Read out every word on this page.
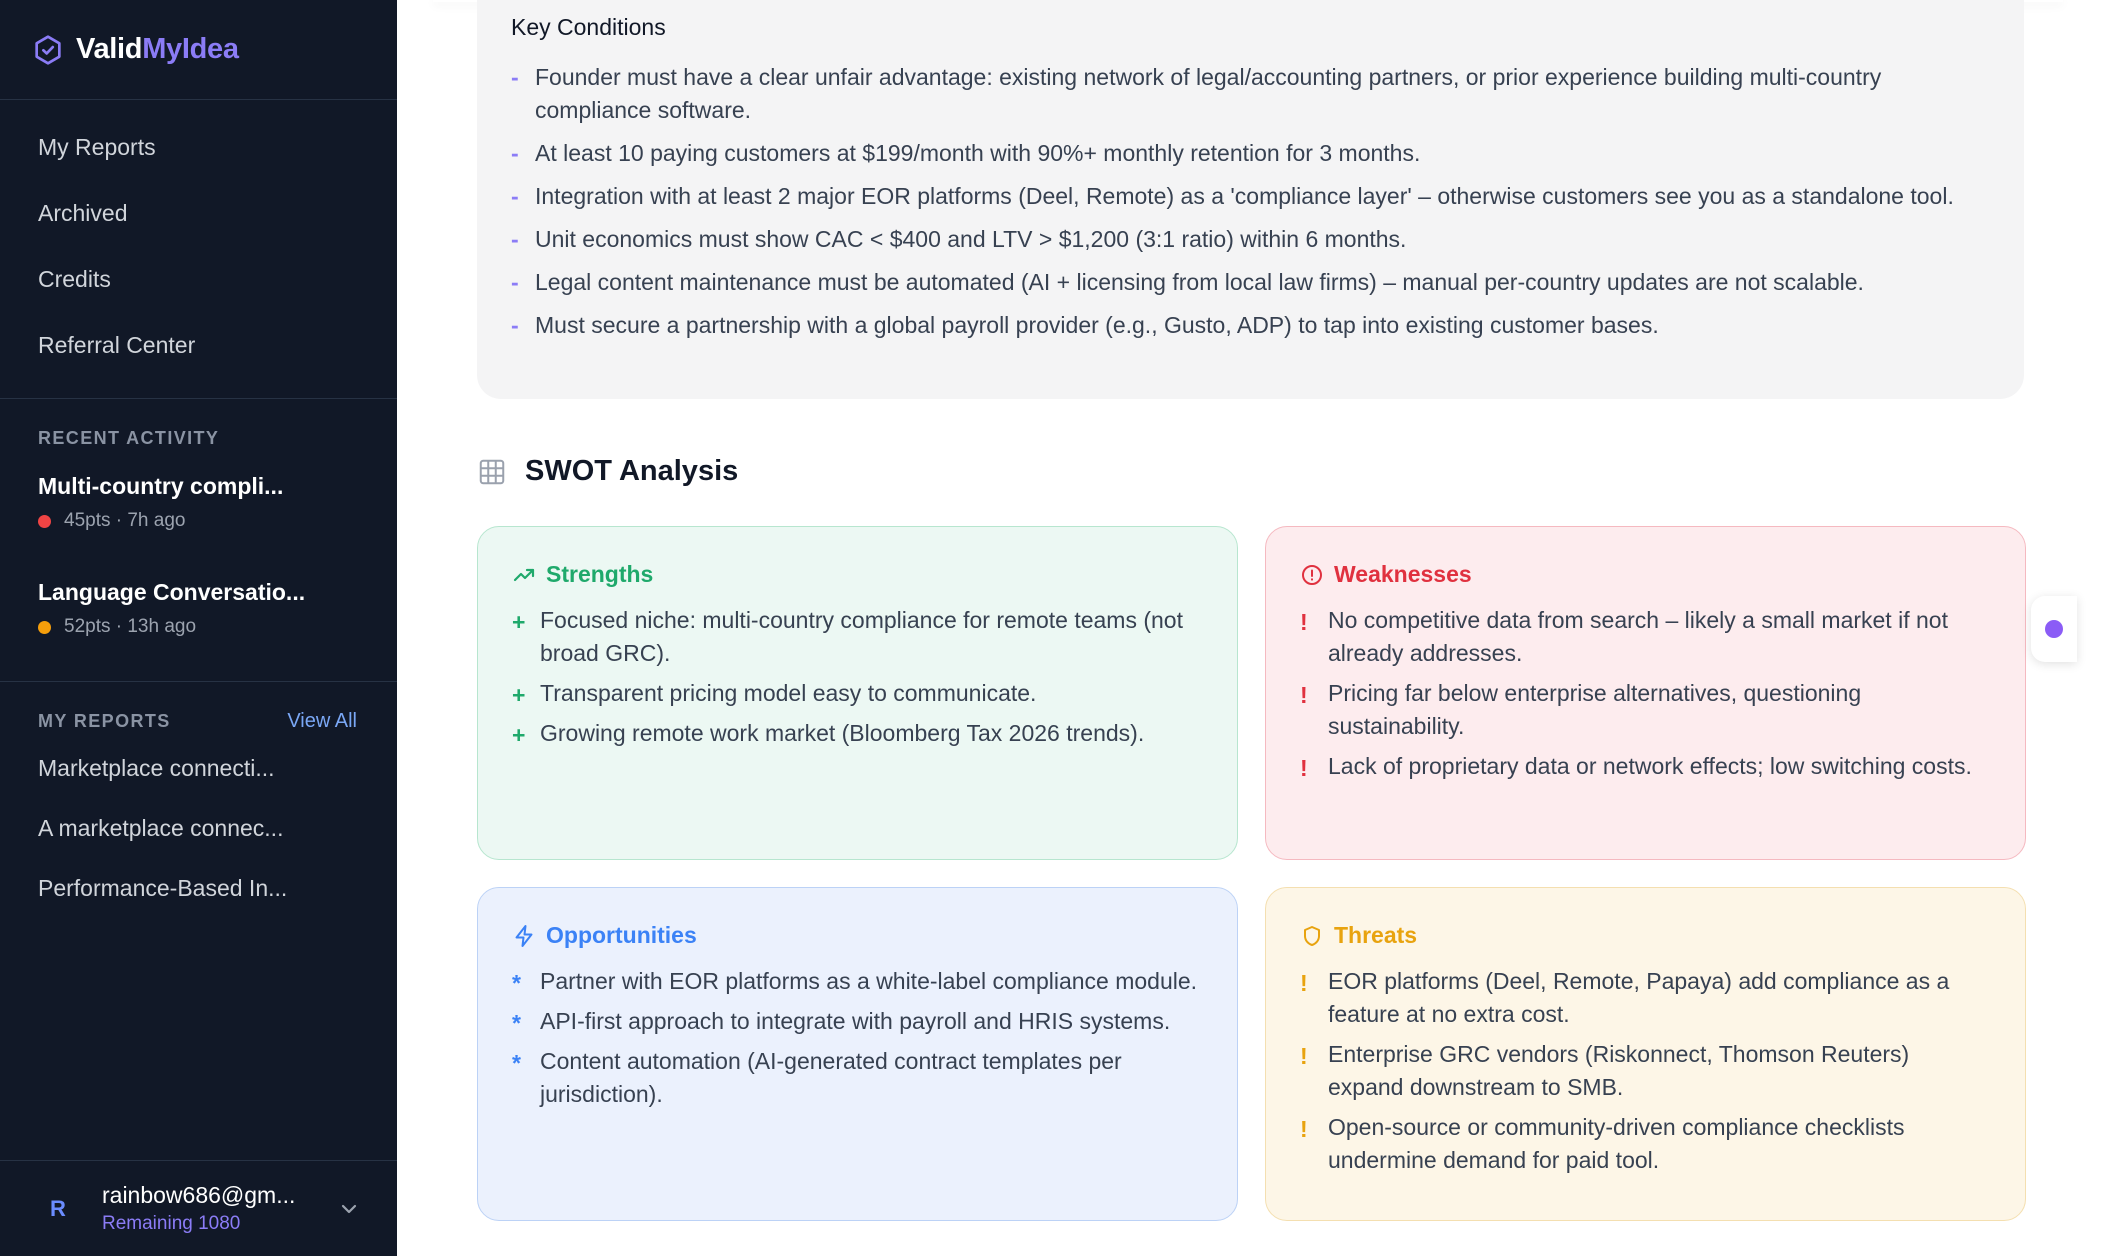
ValidMyIdea
My Reports
Archived
Credits
Referral Center
RECENT ACTIVITY
Multi-country compli...
45pts · 7h ago
Language Conversatio...
52pts · 13h ago
MY REPORTS	View All
Marketplace connecti...
A marketplace connec...
Performance-Based In...
R	rainbow686@gm...
Remaining 1080
Key Conditions
- Founder must have a clear unfair advantage: existing network of legal/accounting partners, or prior experience building multi-country compliance software.
- At least 10 paying customers at $199/month with 90%+ monthly retention for 3 months.
- Integration with at least 2 major EOR platforms (Deel, Remote) as a 'compliance layer' – otherwise customers see you as a standalone tool.
- Unit economics must show CAC < $400 and LTV > $1,200 (3:1 ratio) within 6 months.
- Legal content maintenance must be automated (AI + licensing from local law firms) – manual per-country updates are not scalable.
- Must secure a partnership with a global payroll provider (e.g., Gusto, ADP) to tap into existing customer bases.
SWOT Analysis
Strengths
+ Focused niche: multi-country compliance for remote teams (not broad GRC).
+ Transparent pricing model easy to communicate.
+ Growing remote work market (Bloomberg Tax 2026 trends).
Weaknesses
! No competitive data from search – likely a small market if not already addresses.
! Pricing far below enterprise alternatives, questioning sustainability.
! Lack of proprietary data or network effects; low switching costs.
Opportunities
* Partner with EOR platforms as a white-label compliance module.
* API-first approach to integrate with payroll and HRIS systems.
* Content automation (AI-generated contract templates per jurisdiction).
Threats
! EOR platforms (Deel, Remote, Papaya) add compliance as a feature at no extra cost.
! Enterprise GRC vendors (Riskonnect, Thomson Reuters) expand downstream to SMB.
! Open-source or community-driven compliance checklists undermine demand for paid tool.
